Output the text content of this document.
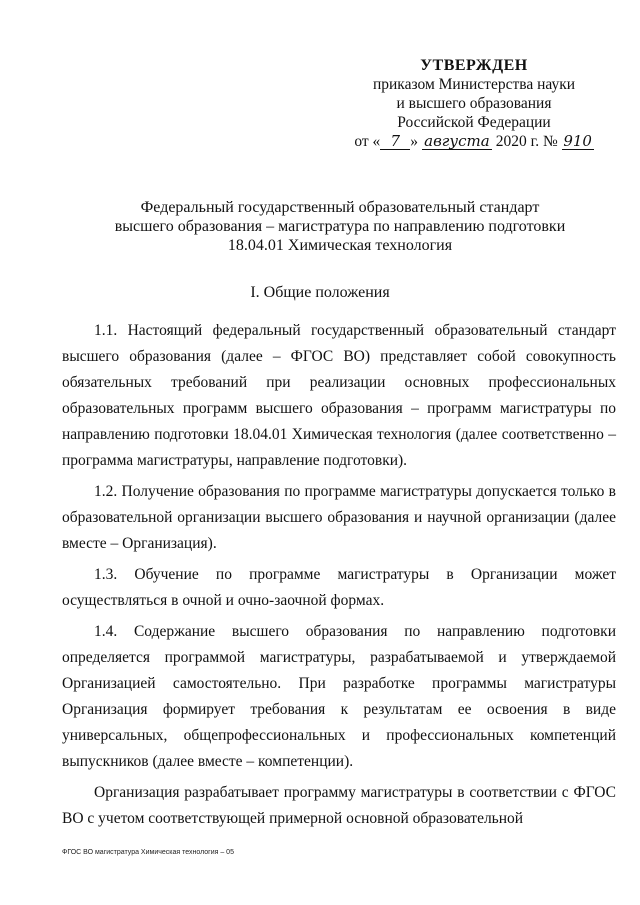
УТВЕРЖДЕН
приказом Министерства науки
и высшего образования
Российской Федерации
от « 7 » августа 2020 г. № 910
Федеральный государственный образовательный стандарт
высшего образования – магистратура по направлению подготовки
18.04.01 Химическая технология
I. Общие положения

1.1. Настоящий федеральный государственный образовательный стандарт высшего образования (далее – ФГОС ВО) представляет собой совокупность обязательных требований при реализации основных профессиональных образовательных программ высшего образования – программ магистратуры по направлению подготовки 18.04.01 Химическая технология (далее соответственно – программа магистратуры, направление подготовки).

1.2. Получение образования по программе магистратуры допускается только в образовательной организации высшего образования и научной организации (далее вместе – Организация).

1.3. Обучение по программе магистратуры в Организации может осуществляться в очной и очно-заочной формах.

1.4. Содержание высшего образования по направлению подготовки определяется программой магистратуры, разрабатываемой и утверждаемой Организацией самостоятельно. При разработке программы магистратуры Организация формирует требования к результатам ее освоения в виде универсальных, общепрофессиональных и профессиональных компетенций выпускников (далее вместе – компетенции).

Организация разрабатывает программу магистратуры в соответствии с ФГОС ВО с учетом соответствующей примерной основной образовательной

ФГОС ВО магистратура Химическая технология – 05
